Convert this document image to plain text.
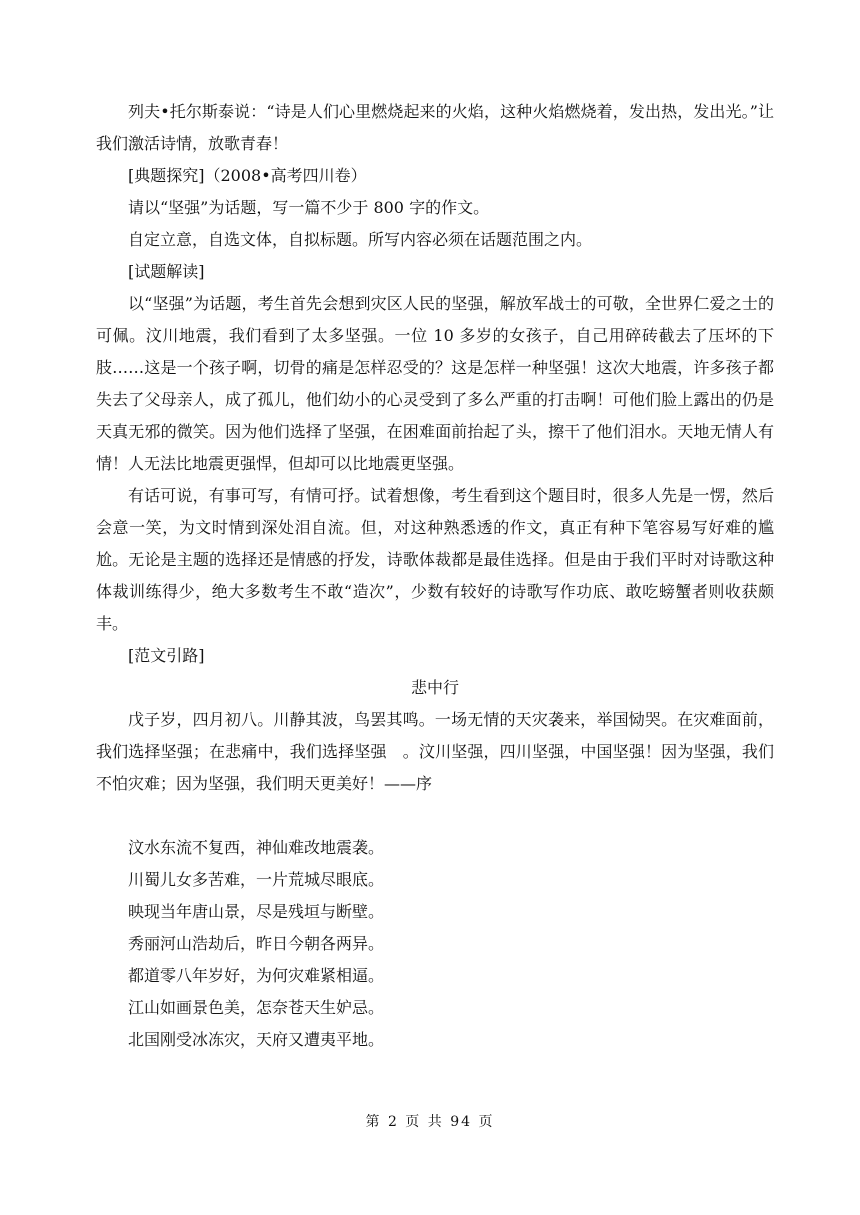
列夫•托尔斯泰说：“诗是人们心里燃烧起来的火焰，这种火焰燃烧着，发出热，发出光。”让我们激活诗情，放歌青春！

[典题探究]（2008•高考四川卷）

请以“坚强”为话题，写一篇不少于 800 字的作文。

自定立意，自选文体，自拟标题。所写内容必须在话题范围之内。

[试题解读]

以“坚强”为话题，考生首先会想到灾区人民的坚强，解放军战士的可敬，全世界仁爱之士的可佩。汶川地震，我们看到了太多坚强。一位 10 多岁的女孩子，自己用碎砖截去了压坏的下肢……这是一个孩子啊，切骨的痛是怎样忍受的？这是怎样一种坚强！这次大地震，许多孩子都失去了父母亲人，成了孤儿，他们幼小的心灵受到了多么严重的打击啊！可他们脸上露出的仍是天真无邪的微笑。因为他们选择了坚强，在困难面前抬起了头，擦干了他们泪水。天地无情人有情！人无法比地震更强悍，但却可以比地震更坚强。

有话可说，有事可写，有情可抒。试着想像，考生看到这个题目时，很多人先是一愣，然后会意一笑，为文时情到深处泪自流。但，对这种熟悉透的作文，真正有种下笔容易写好难的尴尬。无论是主题的选择还是情感的抒发，诗歌体裁都是最佳选择。但是由于我们平时对诗歌这种体裁训练得少，绝大多数考生不敢“造次”，少数有较好的诗歌写作功底、敢吃螃蟹者则收获颇丰。

[范文引路]

悲中行

戊子岁，四月初八。川静其波，鸟罢其鸣。一场无情的天灾袭来，举国恸哭。在灾难面前，我们选择坚强；在悲痛中，我们选择坚强　。汶川坚强，四川坚强，中国坚强！因为坚强，我们不怕灾难；因为坚强，我们明天更美好！——序

汶水东流不复西，神仙难改地震袭。

川蜀儿女多苦难，一片荒城尽眼底。

映现当年唐山景，尽是残垣与断壁。

秀丽河山浩劫后，昨日今朝各两异。

都道零八年岁好，为何灾难紧相逼。

江山如画景色美，怎奈苍天生妒忌。

北国刚受冰冻灾，天府又遭夷平地。

第 2 页 共 94 页
